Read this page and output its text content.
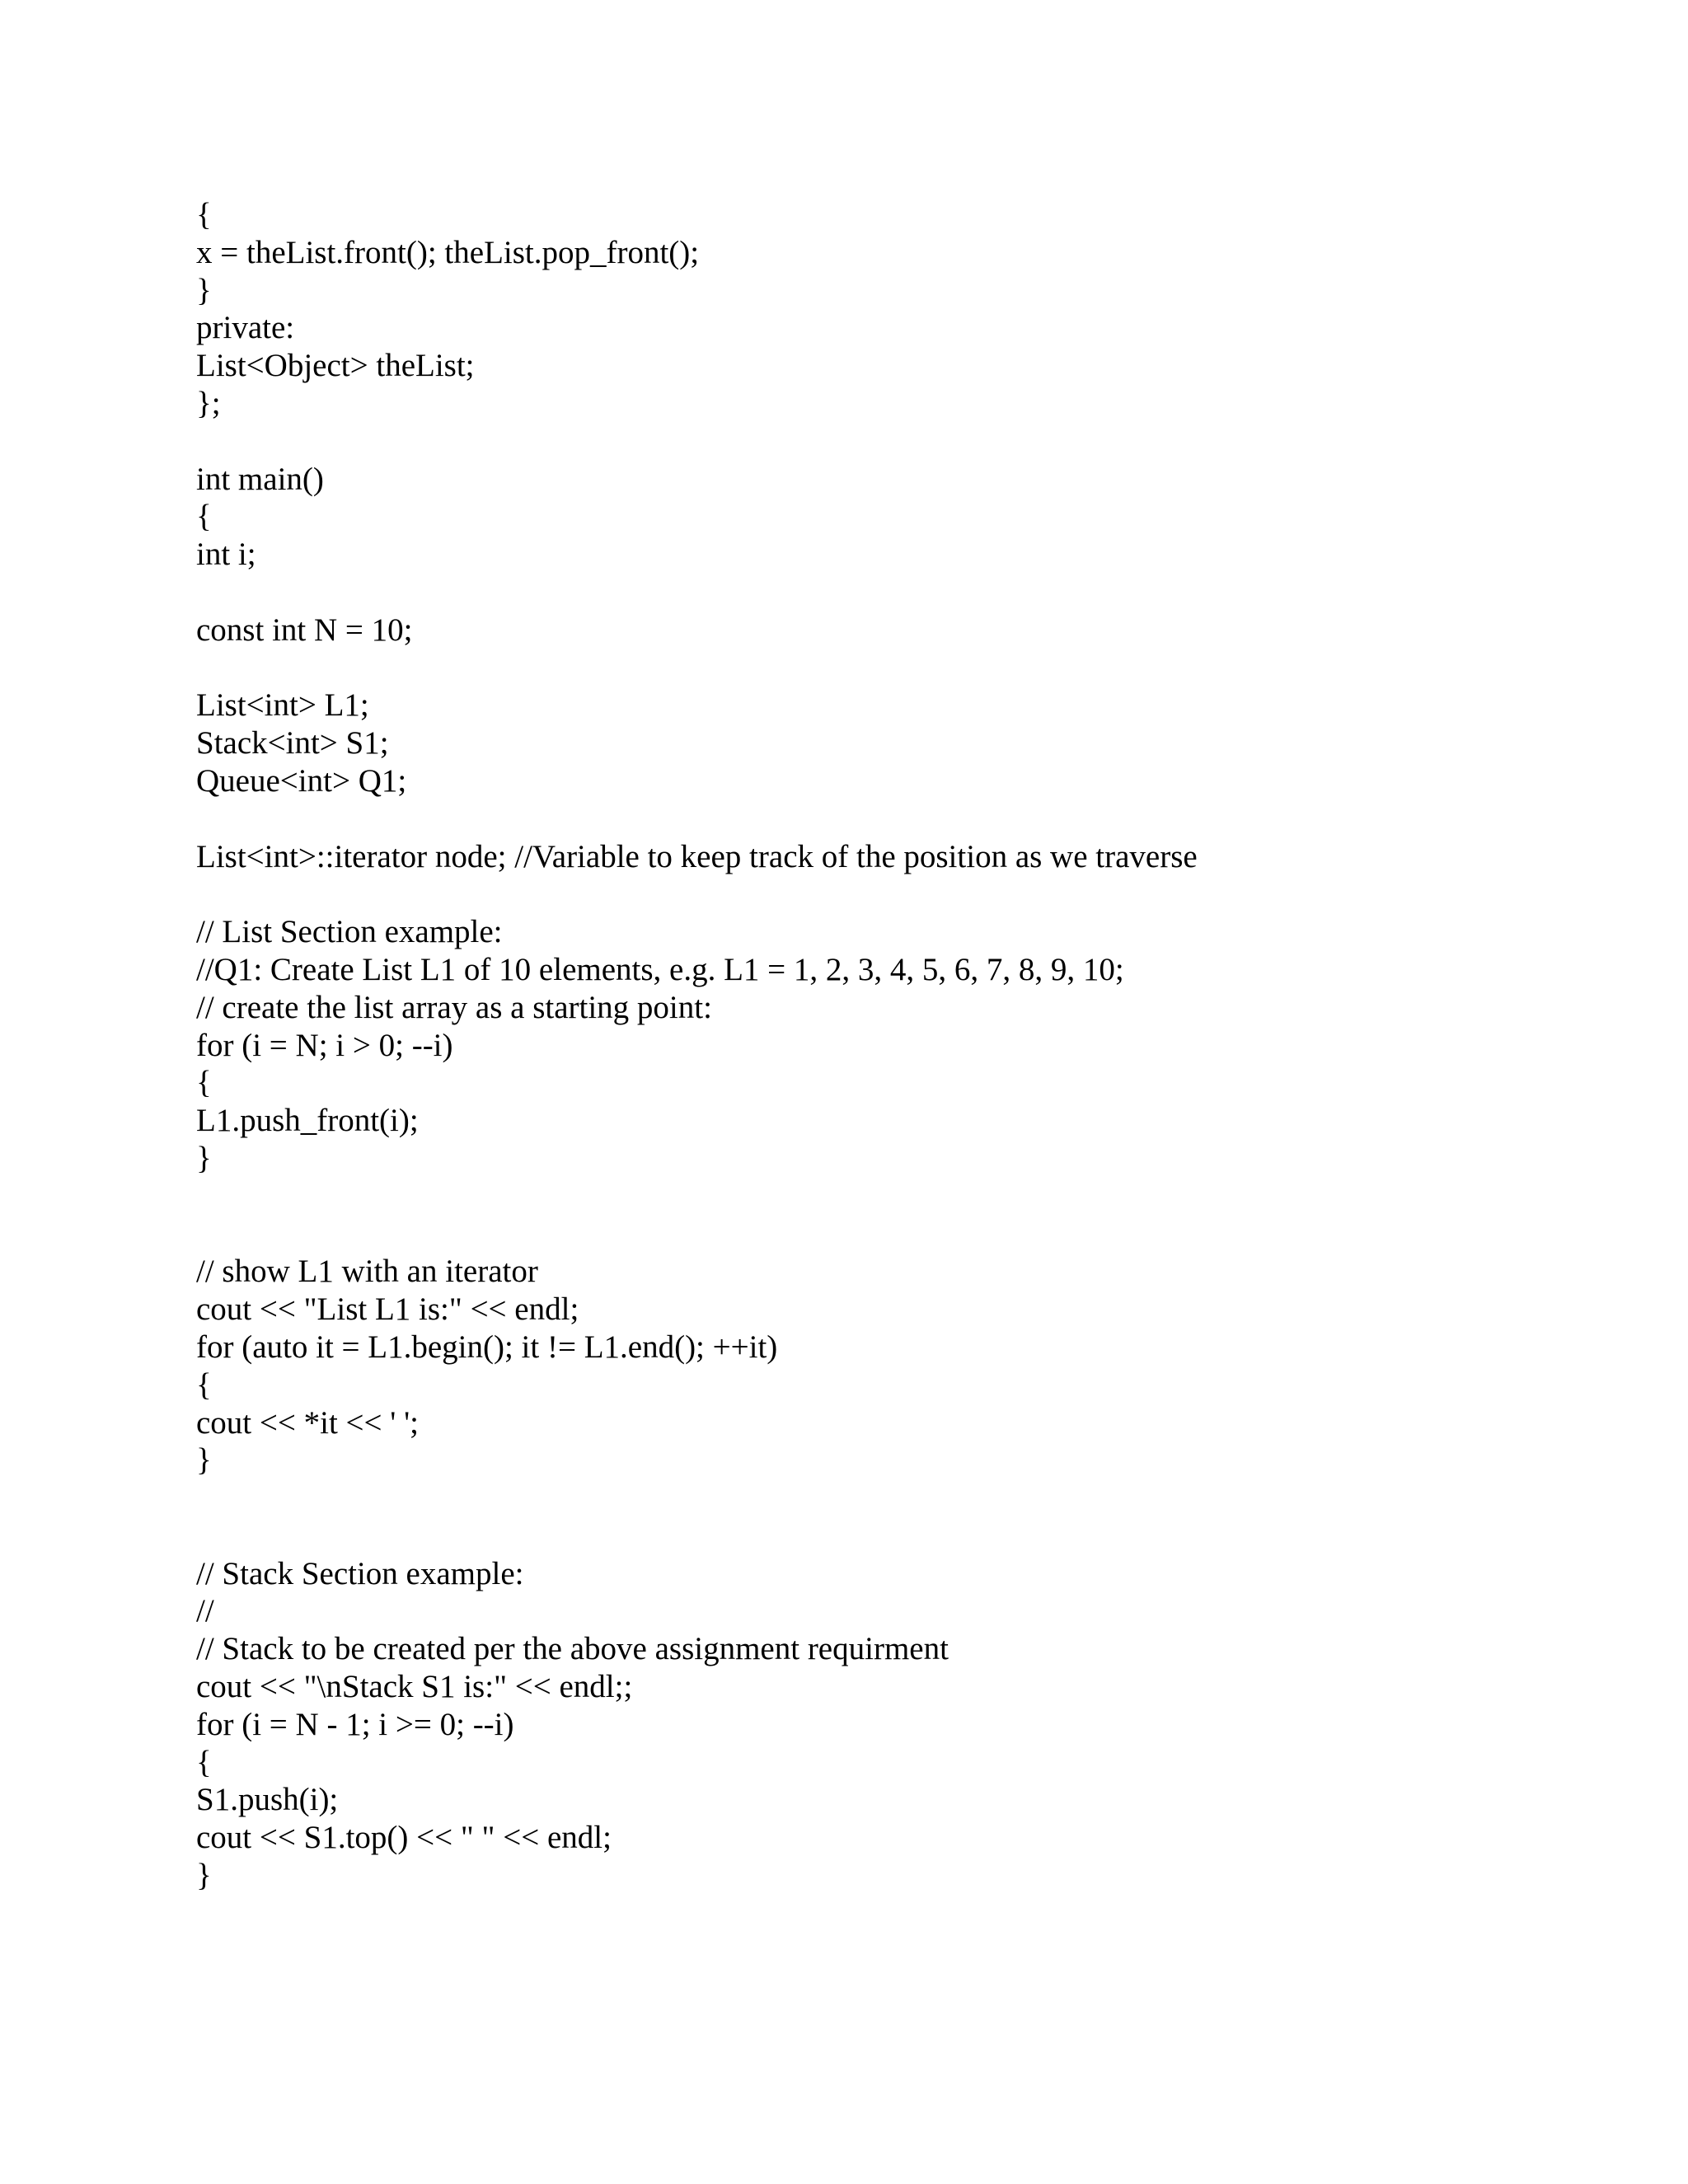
{
x = theList.front(); theList.pop_front();
}
private:
List<Object> theList;
};
int main()
{
int i;
const int N = 10;
List<int> L1;
Stack<int> S1;
Queue<int> Q1;
List<int>::iterator node; //Variable to keep track of the position as we traverse
// List Section example:
//Q1: Create List L1 of 10 elements, e.g. L1 = 1, 2, 3, 4, 5, 6, 7, 8, 9, 10;
// create the list array as a starting point:
for (i = N; i > 0; --i)
{
L1.push_front(i);
}
// show L1 with an iterator
cout << "List L1 is:" << endl;
for (auto it = L1.begin(); it != L1.end(); ++it)
{
cout << *it << ' ';
}
// Stack Section example:
//
// Stack to be created per the above assignment requirment
cout << "\nStack S1 is:" << endl;;
for (i = N - 1; i >= 0; --i)
{
S1.push(i);
cout << S1.top() << " " << endl;
}
